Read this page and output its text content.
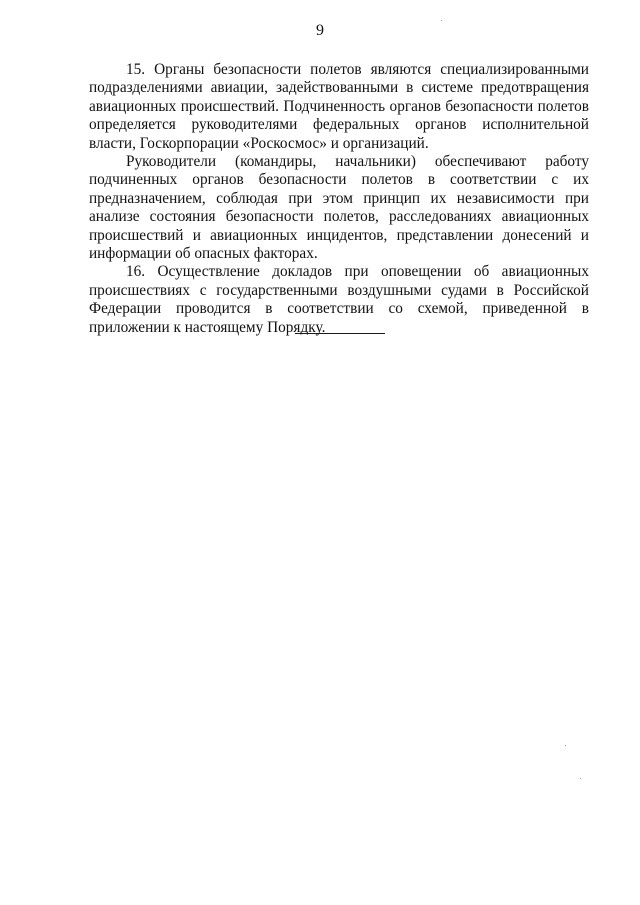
9

15. Органы безопасности полетов являются специализированными подразделениями авиации, задействованными в системе предотвращения авиационных происшествий. Подчиненность органов безопасности полетов определяется руководителями федеральных органов исполнительной власти, Госкорпорации «Роскосмос» и организаций.

Руководители (командиры, начальники) обеспечивают работу подчиненных органов безопасности полетов в соответствии с их предназначением, соблюдая при этом принцип их независимости при анализе состояния безопасности полетов, расследованиях авиационных происшествий и авиационных инцидентов, представлении донесений и информации об опасных факторах.

16. Осуществление докладов при оповещении об авиационных происшествиях с государственными воздушными судами в Российской Федерации проводится в соответствии со схемой, приведенной в приложении к настоящему Порядку.
